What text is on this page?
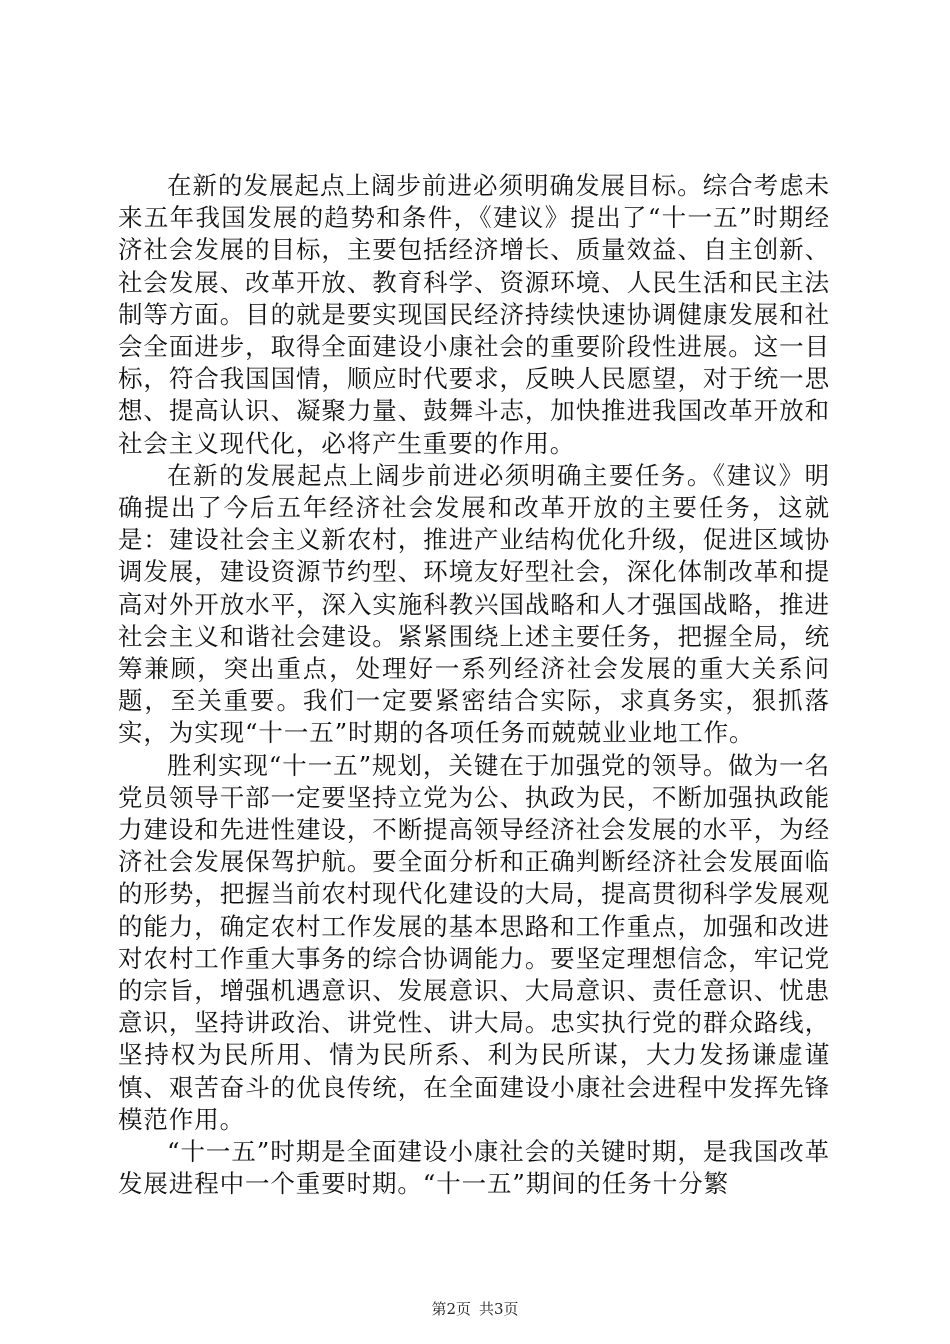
在新的发展起点上阔步前进必须明确发展目标。综合考虑未来五年我国发展的趋势和条件，《建议》提出了“十一五”时期经济社会发展的目标，主要包括经济增长、质量效益、自主创新、社会发展、改革开放、教育科学、资源环境、人民生活和民主法制等方面。目的就是要实现国民经济持续快速协调健康发展和社会全面进步，取得全面建设小康社会的重要阶段性进展。这一目标，符合我国国情，顺应时代要求，反映人民愿望，对于统一思想、提高认识、凝聚力量、鼓舞斗志，加快推进我国改革开放和社会主义现代化，必将产生重要的作用。

在新的发展起点上阔步前进必须明确主要任务。《建议》明确提出了今后五年经济社会发展和改革开放的主要任务，这就是：建设社会主义新农村，推进产业结构优化升级，促进区域协调发展，建设资源节约型、环境友好型社会，深化体制改革和提高对外开放水平，深入实施科教兴国战略和人才强国战略，推进社会主义和谐社会建设。紧紧围绕上述主要任务，把握全局，统筹兼顾，突出重点，处理好一系列经济社会发展的重大关系问题，至关重要。我们一定要紧密结合实际，求真务实，狠抓落实，为实现“十一五”时期的各项任务而兢兢业业地工作。

胜利实现“十一五”规划，关键在于加强党的领导。做为一名党员领导干部一定要坚持立党为公、执政为民，不断加强执政能力建设和先进性建设，不断提高领导经济社会发展的水平，为经济社会发展保驾护航。要全面分析和正确判断经济社会发展面临的形势，把握当前农村现代化建设的大局，提高贯彻科学发展观的能力，确定农村工作发展的基本思路和工作重点，加强和改进对农村工作重大事务的综合协调能力。要坚定理想信念，牢记党的宗旨，增强机遇意识、发展意识、大局意识、责任意识、忧患意识，坚持讲政治、讲党性、讲大局。忠实执行党的群众路线，坚持权为民所用、情为民所系、利为民所谋，大力发扬谦虚谨慎、艰苦奋斗的优良传统，在全面建设小康社会进程中发挥先锋模范作用。

“十一五”时期是全面建设小康社会的关键时期，是我国改革发展进程中一个重要时期。“十一五”期间的任务十分繁

第2页 共3页
